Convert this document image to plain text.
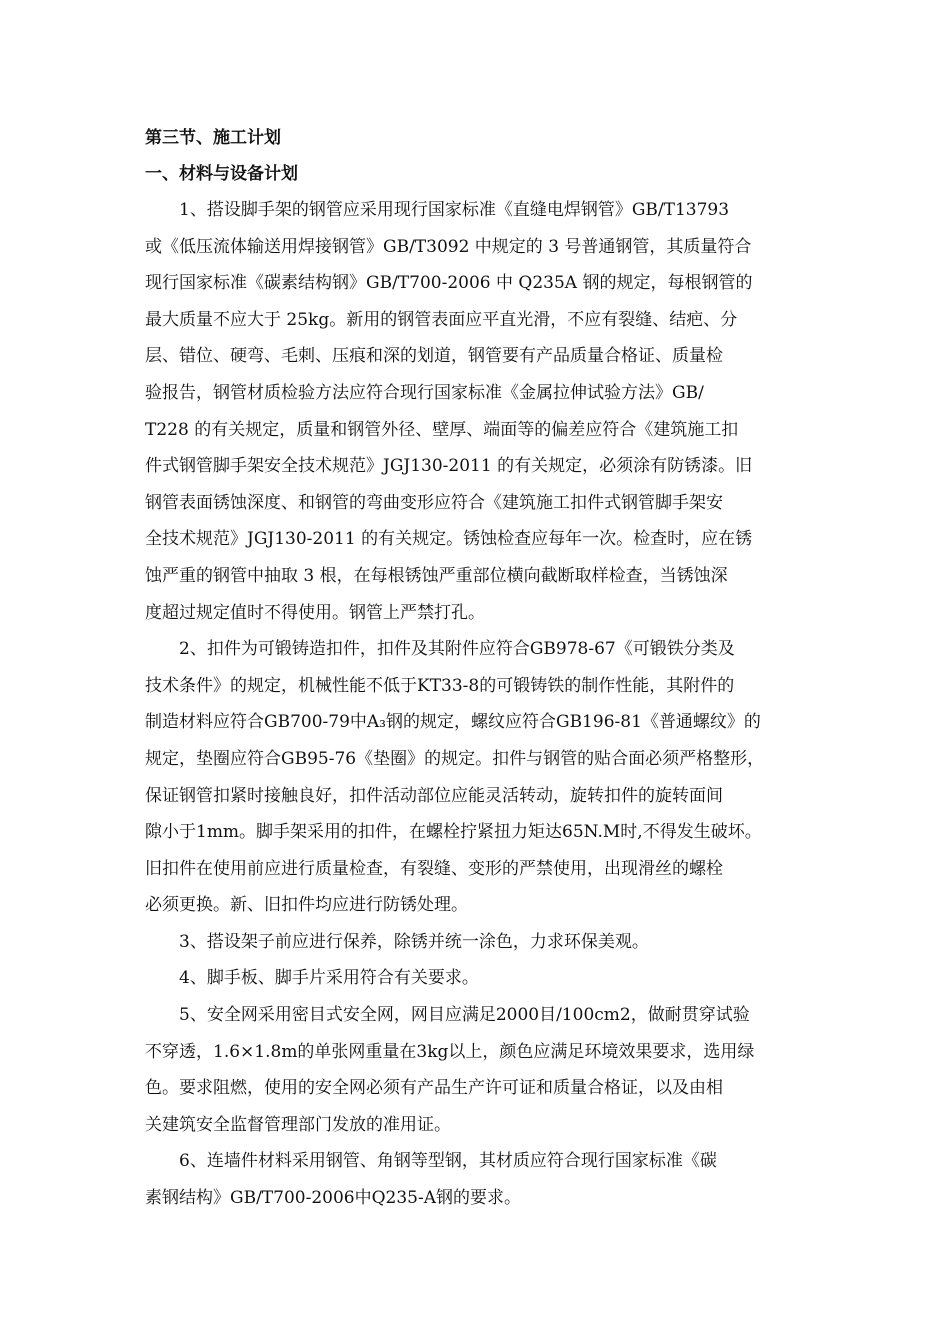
第三节、施工计划
一、材料与设备计划
1、搭设脚手架的钢管应采用现行国家标准《直缝电焊钢管》GB/T13793
或《低压流体输送用焊接钢管》GB/T3092 中规定的 3 号普通钢管，其质量符合
现行国家标准《碳素结构钢》GB/T700-2006 中 Q235A 钢的规定，每根钢管的
最大质量不应大于 25kg。新用的钢管表面应平直光滑，不应有裂缝、结疤、分
层、错位、硬弯、毛刺、压痕和深的划道，钢管要有产品质量合格证、质量检
验报告，钢管材质检验方法应符合现行国家标准《金属拉伸试验方法》GB/
T228 的有关规定，质量和钢管外径、壁厚、端面等的偏差应符合《建筑施工扣
件式钢管脚手架安全技术规范》JGJ130-2011 的有关规定，必须涂有防锈漆。旧
钢管表面锈蚀深度、和钢管的弯曲变形应符合《建筑施工扣件式钢管脚手架安
全技术规范》JGJ130-2011 的有关规定。锈蚀检查应每年一次。检查时，应在锈
蚀严重的钢管中抽取 3 根，在每根锈蚀严重部位横向截断取样检查，当锈蚀深
度超过规定值时不得使用。钢管上严禁打孔。
2、扣件为可锻铸造扣件，扣件及其附件应符合GB978-67《可锻铁分类及
技术条件》的规定，机械性能不低于KT33-8的可锻铸铁的制作性能，其附件的
制造材料应符合GB700-79中A₃钢的规定，螺纹应符合GB196-81《普通螺纹》的
规定，垫圈应符合GB95-76《垫圈》的规定。扣件与钢管的贴合面必须严格整形，
保证钢管扣紧时接触良好，扣件活动部位应能灵活转动，旋转扣件的旋转面间
隙小于1mm。脚手架采用的扣件，在螺栓拧紧扭力矩达65N.M时,不得发生破坏。
旧扣件在使用前应进行质量检查，有裂缝、变形的严禁使用，出现滑丝的螺栓
必须更换。新、旧扣件均应进行防锈处理。
3、搭设架子前应进行保养，除锈并统一涂色，力求环保美观。
4、脚手板、脚手片采用符合有关要求。
5、安全网采用密目式安全网，网目应满足2000目/100cm2，做耐贯穿试验
不穿透，1.6×1.8m的单张网重量在3kg以上，颜色应满足环境效果要求，选用绿
色。要求阻燃，使用的安全网必须有产品生产许可证和质量合格证，以及由相
关建筑安全监督管理部门发放的准用证。
6、连墙件材料采用钢管、角钢等型钢，其材质应符合现行国家标准《碳
素钢结构》GB/T700-2006中Q235-A钢的要求。
